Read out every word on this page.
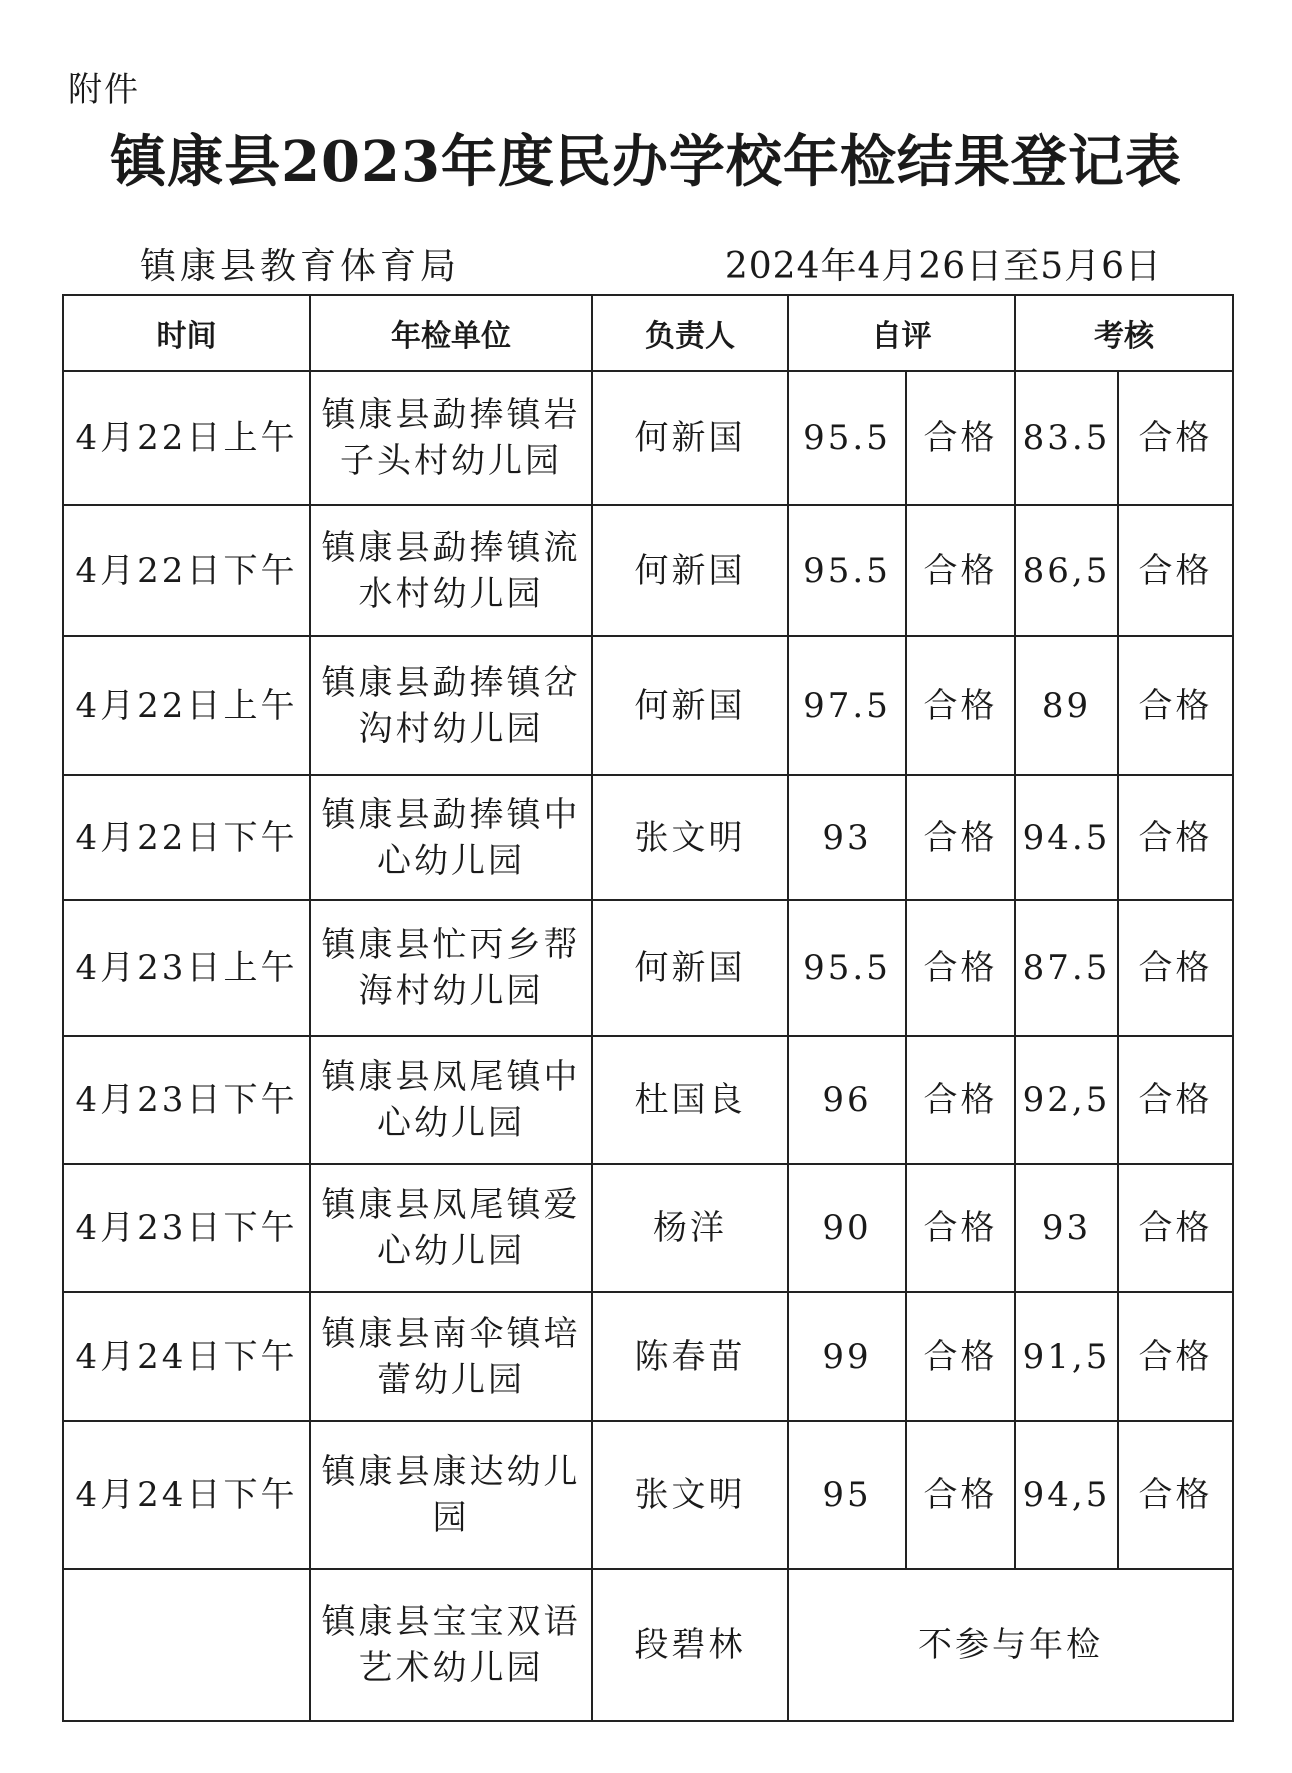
附件
镇康县2023年度民办学校年检结果登记表
镇康县教育体育局	2024年4月26日至5月6日
时间	年检单位	负责人	自评		考核	
4月22日上午	镇康县勐捧镇岩子头村幼儿园	何新国	95.5	合格	83.5	合格
4月22日下午	镇康县勐捧镇流水村幼儿园	何新国	95.5	合格	86,5	合格
4月22日上午	镇康县勐捧镇岔沟村幼儿园	何新国	97.5	合格	89	合格
4月22日下午	镇康县勐捧镇中心幼儿园	张文明	93	合格	94.5	合格
4月23日上午	镇康县忙丙乡帮海村幼儿园	何新国	95.5	合格	87.5	合格
4月23日下午	镇康县凤尾镇中心幼儿园	杜国良	96	合格	92,5	合格
4月23日下午	镇康县凤尾镇爱心幼儿园	杨洋	90	合格	93	合格
4月24日下午	镇康县南伞镇培蕾幼儿园	陈春苗	99	合格	91,5	合格
4月24日下午	镇康县康达幼儿园	张文明	95	合格	94,5	合格
	镇康县宝宝双语艺术幼儿园	段碧林	不参与年检			
